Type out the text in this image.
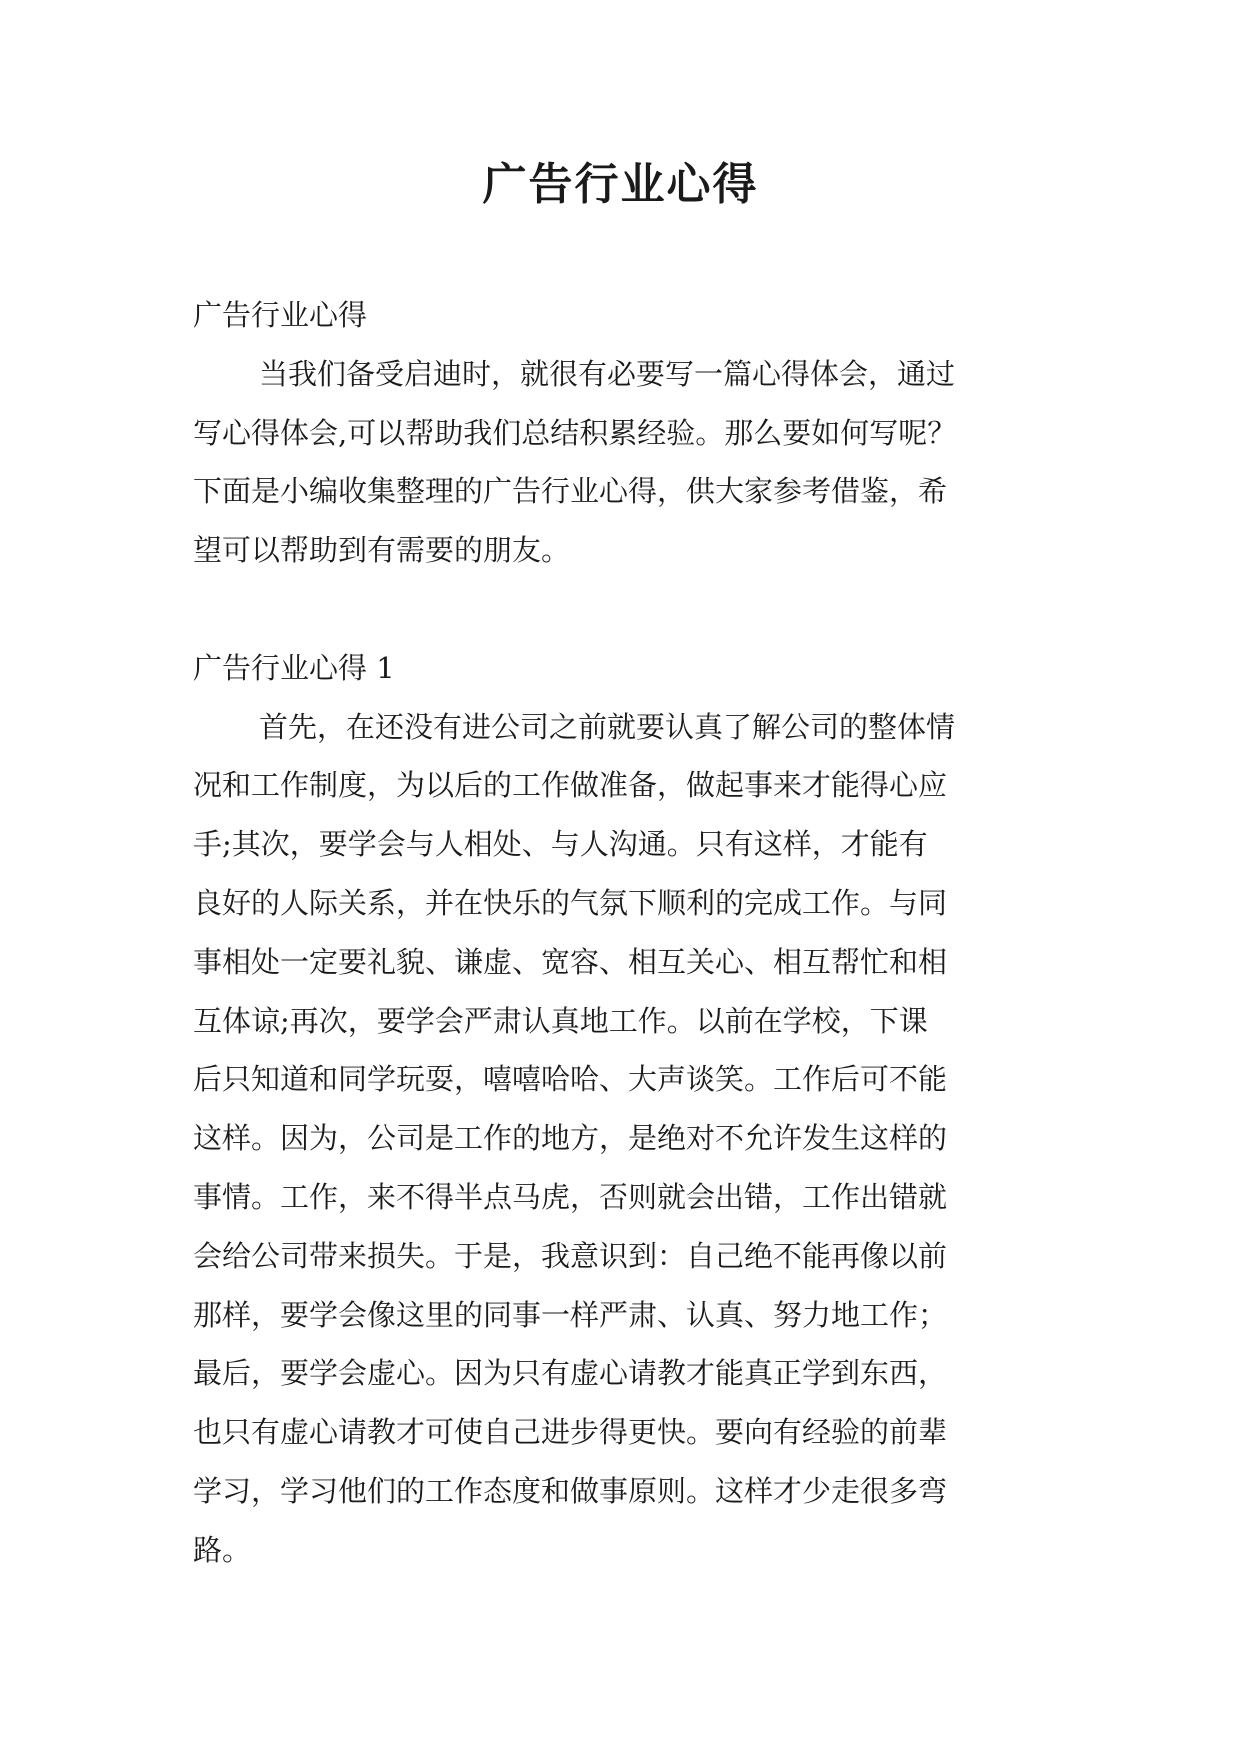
广告行业心得
广告行业心得
当我们备受启迪时，就很有必要写一篇心得体会，通过
写心得体会,可以帮助我们总结积累经验。那么要如何写呢？
下面是小编收集整理的广告行业心得，供大家参考借鉴，希
望可以帮助到有需要的朋友。
广告行业心得 1
首先，在还没有进公司之前就要认真了解公司的整体情
况和工作制度，为以后的工作做准备，做起事来才能得心应
手;其次，要学会与人相处、与人沟通。只有这样，才能有
良好的人际关系，并在快乐的气氛下顺利的完成工作。与同
事相处一定要礼貌、谦虚、宽容、相互关心、相互帮忙和相
互体谅;再次，要学会严肃认真地工作。以前在学校，下课
后只知道和同学玩耍，嘻嘻哈哈、大声谈笑。工作后可不能
这样。因为，公司是工作的地方，是绝对不允许发生这样的
事情。工作，来不得半点马虎，否则就会出错，工作出错就
会给公司带来损失。于是，我意识到：自己绝不能再像以前
那样，要学会像这里的同事一样严肃、认真、努力地工作；
最后，要学会虚心。因为只有虚心请教才能真正学到东西，
也只有虚心请教才可使自己进步得更快。要向有经验的前辈
学习，学习他们的工作态度和做事原则。这样才少走很多弯
路。
